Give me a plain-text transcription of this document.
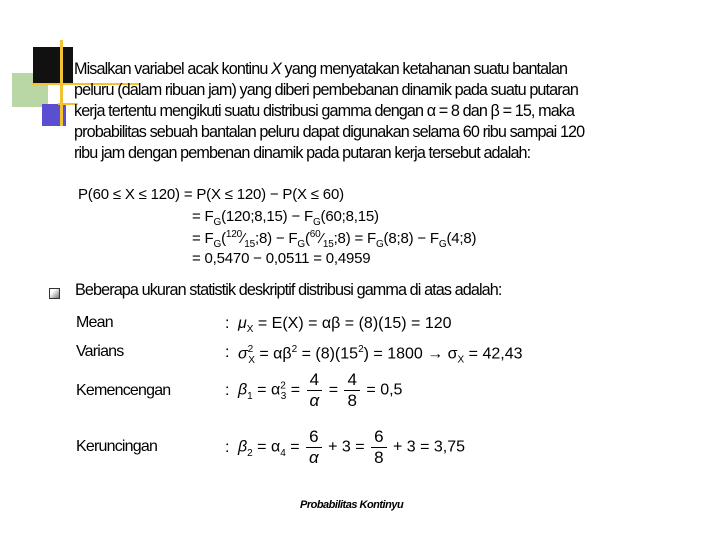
Misalkan variabel acak kontinu X yang menyatakan ketahanan suatu bantalan
peluru (dalam ribuan jam) yang diberi pembebanan dinamik pada suatu putaran
kerja tertentu mengikuti suatu distribusi gamma dengan α = 8 dan β = 15, maka
probabilitas sebuah bantalan peluru dapat digunakan selama 60 ribu sampai 120
ribu jam dengan pembenan dinamik pada putaran kerja tersebut adalah:
P(60 ≤ X ≤ 120) = P(X ≤ 120) − P(X ≤ 60)
= $F_G(120;8,15)$ − $F_G(60;8,15)$
= $F_G(^{120}⁄_{15};8)$ − $F_G(^{60}⁄_{15};8)$ = $F_G(8;8)$ − $F_G(4;8)$
= 0,5470 − 0,0511 = 0,4959
Beberapa ukuran statistik deskriptif distribusi gamma di atas adalah:
Mean	: $\mu_X = E(X) = \alpha\beta = (8)(15) = 120$
Varians	: $\sigma^2_X = \alpha\beta^2 = (8)(15^2) = 1800 \to \sigma_X = 42,43$
Kemencengan	: $\beta_1 = \alpha^2_3 = \frac{4}{\alpha} = \frac{4}{8} = 0,5$
Keruncingan	: $\beta_2 = \alpha_4 = \frac{6}{\alpha} + 3 = \frac{6}{8} + 3 = 3,75$
Probabilitas Kontinyu
